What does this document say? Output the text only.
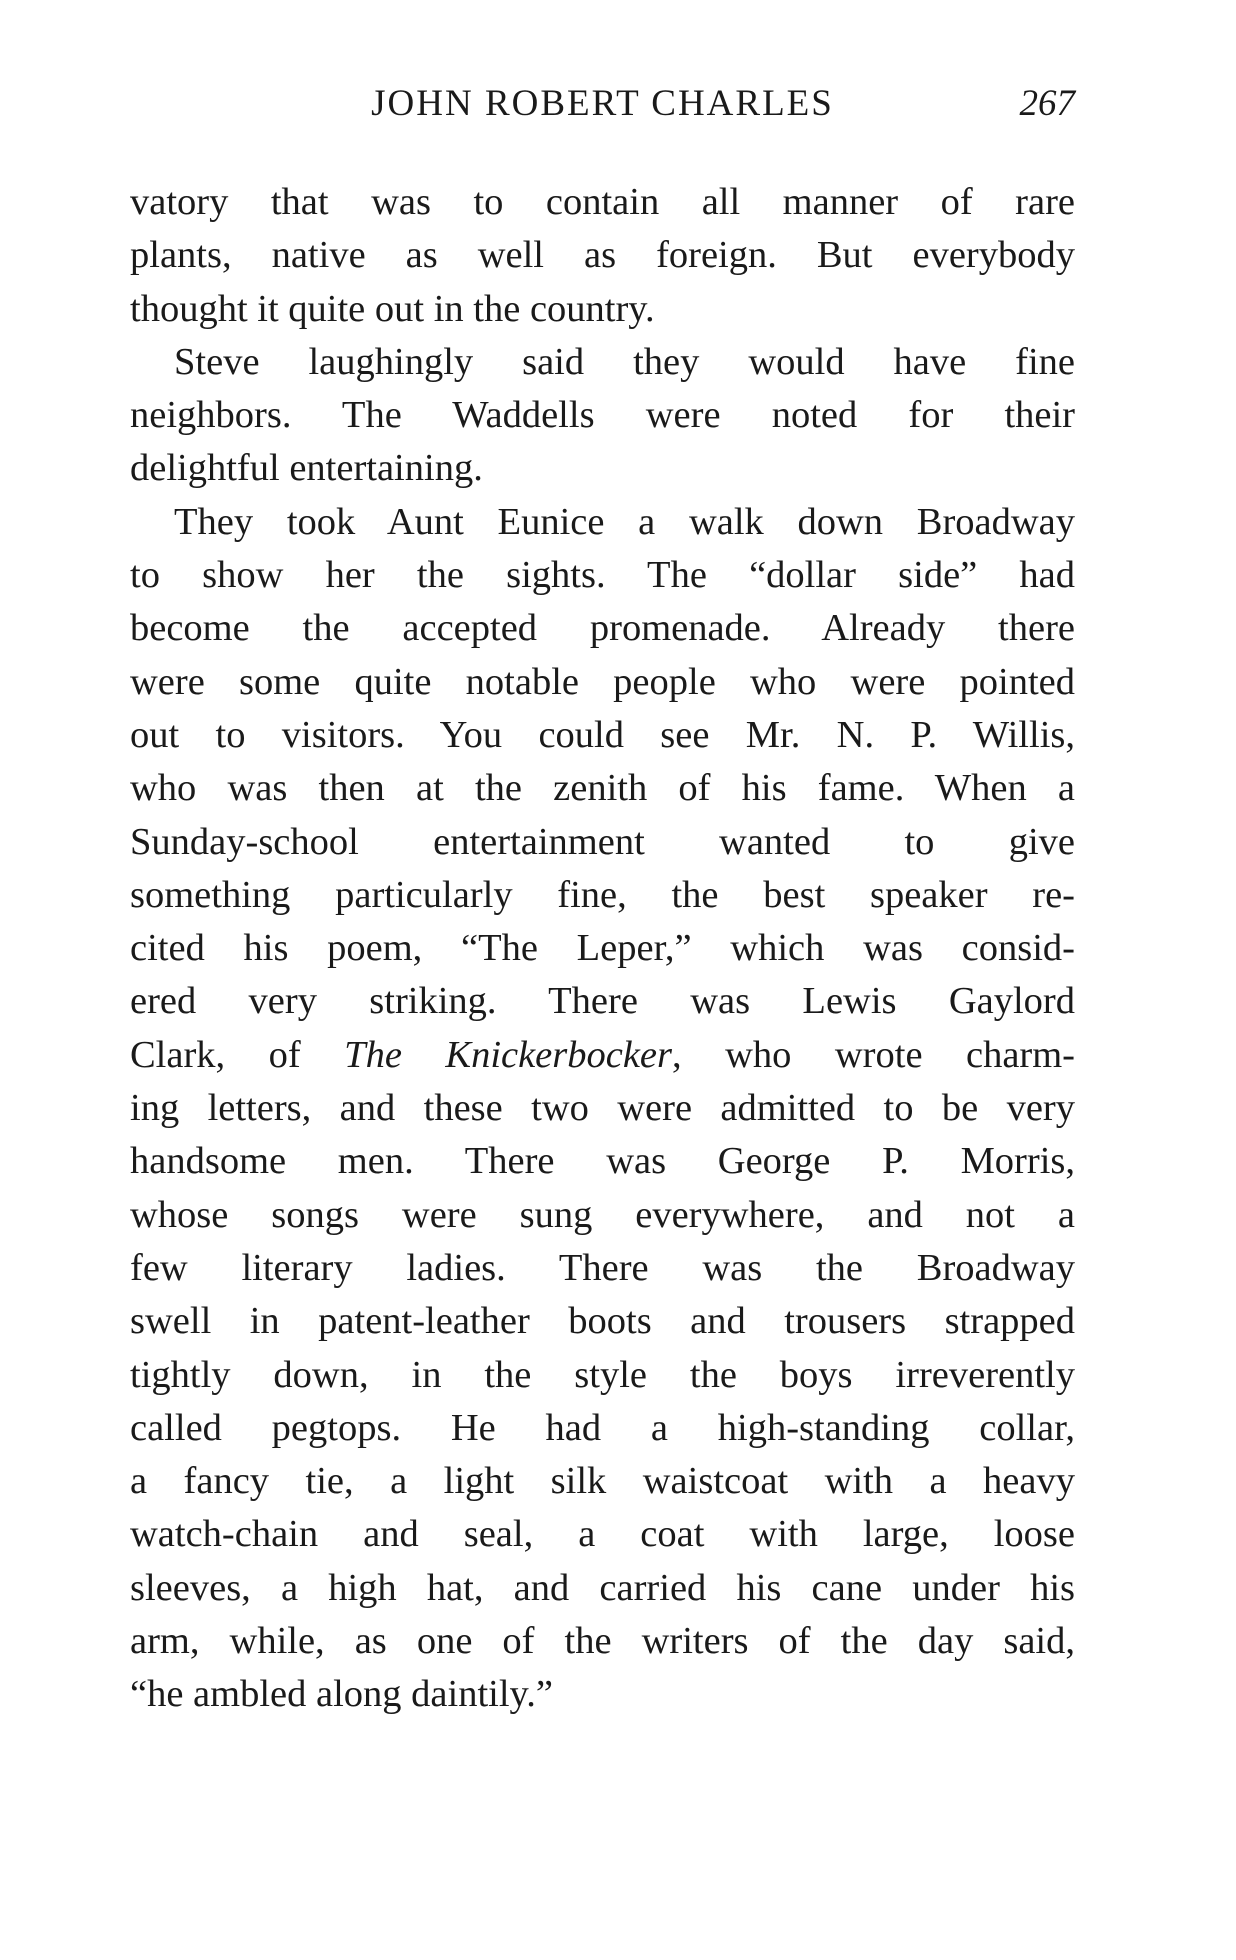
JOHN ROBERT CHARLES	267

vatory that was to contain all manner of rare

plants, native as well as foreign. But everybody

thought it quite out in the country.

Steve laughingly said they would have fine

neighbors. The Waddells were noted for their

delightful entertaining.

They took Aunt Eunice a walk down Broadway

to show her the sights. The “dollar side” had

become the accepted promenade. Already there

were some quite notable people who were pointed

out to visitors. You could see Mr. N. P. Willis,

who was then at the zenith of his fame. When a

Sunday-school entertainment wanted to give

something particularly fine, the best speaker re-

cited his poem, “The Leper,” which was consid-

ered very striking. There was Lewis Gaylord

Clark, of The Knickerbocker, who wrote charm-

ing letters, and these two were admitted to be very

handsome men. There was George P. Morris,

whose songs were sung everywhere, and not a

few literary ladies. There was the Broadway

swell in patent-leather boots and trousers strapped

tightly down, in the style the boys irreverently

called pegtops. He had a high-standing collar,

a fancy tie, a light silk waistcoat with a heavy

watch-chain and seal, a coat with large, loose

sleeves, a high hat, and carried his cane under his

arm, while, as one of the writers of the day said,

“he ambled along daintily.”
